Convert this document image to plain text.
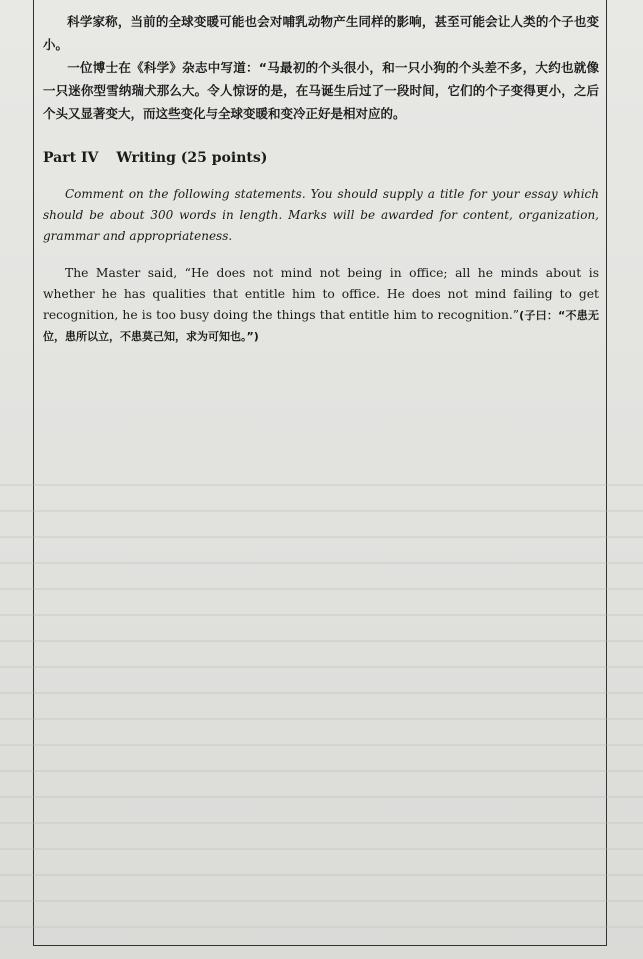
科学家称，当前的全球变暖可能也会对哺乳动物产生同样的影响，甚至可能会让人类的个子也变小。

一位博士在《科学》杂志中写道：“马最初的个头很小，和一只小狗的个头差不多，大约也就像一只迷你型雪纳瑞犬那么大。令人惊讶的是，在马诞生后过了一段时间，它们的个子变得更小，之后个头又显著变大，而这些变化与全球变暖和变冷正好是相对应的。

Part IV Writing (25 points)

Comment on the following statements. You should supply a title for your essay which should be about 300 words in length. Marks will be awarded for content, organization, grammar and appropriateness.

The Master said, “He does not mind not being in office; all he minds about is whether he has qualities that entitle him to office. He does not mind failing to get recognition, he is too busy doing the things that entitle him to recognition.”(子曰：“不患无位，患所以立，不患莫己知，求为可知也。”)
